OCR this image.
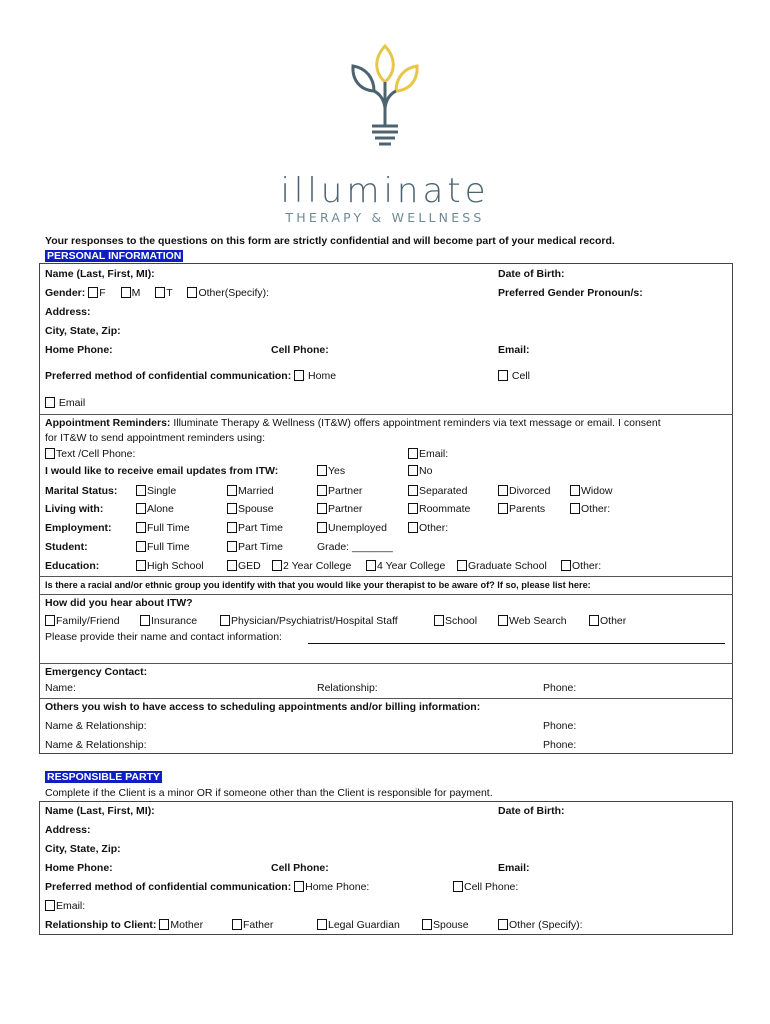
illuminate
THERAPY & WELLNESS
Your responses to the questions on this form are strictly confidential and will become part of your medical record.
PERSONAL INFORMATION
Name (Last, First, MI):	Date of Birth:
Gender: F M T Other(Specify):	Preferred Gender Pronoun/s:
Address:
City, State, Zip:
Home Phone:	Cell Phone:	Email:
Preferred method of confidential communication: Home	Cell
Email
Appointment Reminders: Illuminate Therapy & Wellness (IT&W) offers appointment reminders via text message or email. I consent
for IT&W to send appointment reminders using:
Text /Cell Phone:	Email:
I would like to receive email updates from ITW:	Yes	No
Marital Status:	Single	Married	Partner	Separated	Divorced	Widow
Living with:	Alone	Spouse	Partner	Roommate	Parents	Other:
Employment:	Full Time	Part Time	Unemployed	Other:
Student:	Full Time	Part Time	Grade: _______
Education:	High School	GED	2 Year College	4 Year College	Graduate School	Other:
Is there a racial and/or ethnic group you identify with that you would like your therapist to be aware of? If so, please list here:
How did you hear about ITW?
Family/Friend	Insurance	Physician/Psychiatrist/Hospital Staff	School	Web Search	Other
Please provide their name and contact information:
Emergency Contact:
Name:	Relationship:	Phone:
Others you wish to have access to scheduling appointments and/or billing information:
Name & Relationship:	Phone:
Name & Relationship:	Phone:
RESPONSIBLE PARTY
Complete if the Client is a minor OR if someone other than the Client is responsible for payment.
Name (Last, First, MI):	Date of Birth:
Address:
City, State, Zip:
Home Phone:	Cell Phone:	Email:
Preferred method of confidential communication: Home Phone:	Cell Phone:
Email:
Relationship to Client: Mother	Father	Legal Guardian	Spouse	Other (Specify):
